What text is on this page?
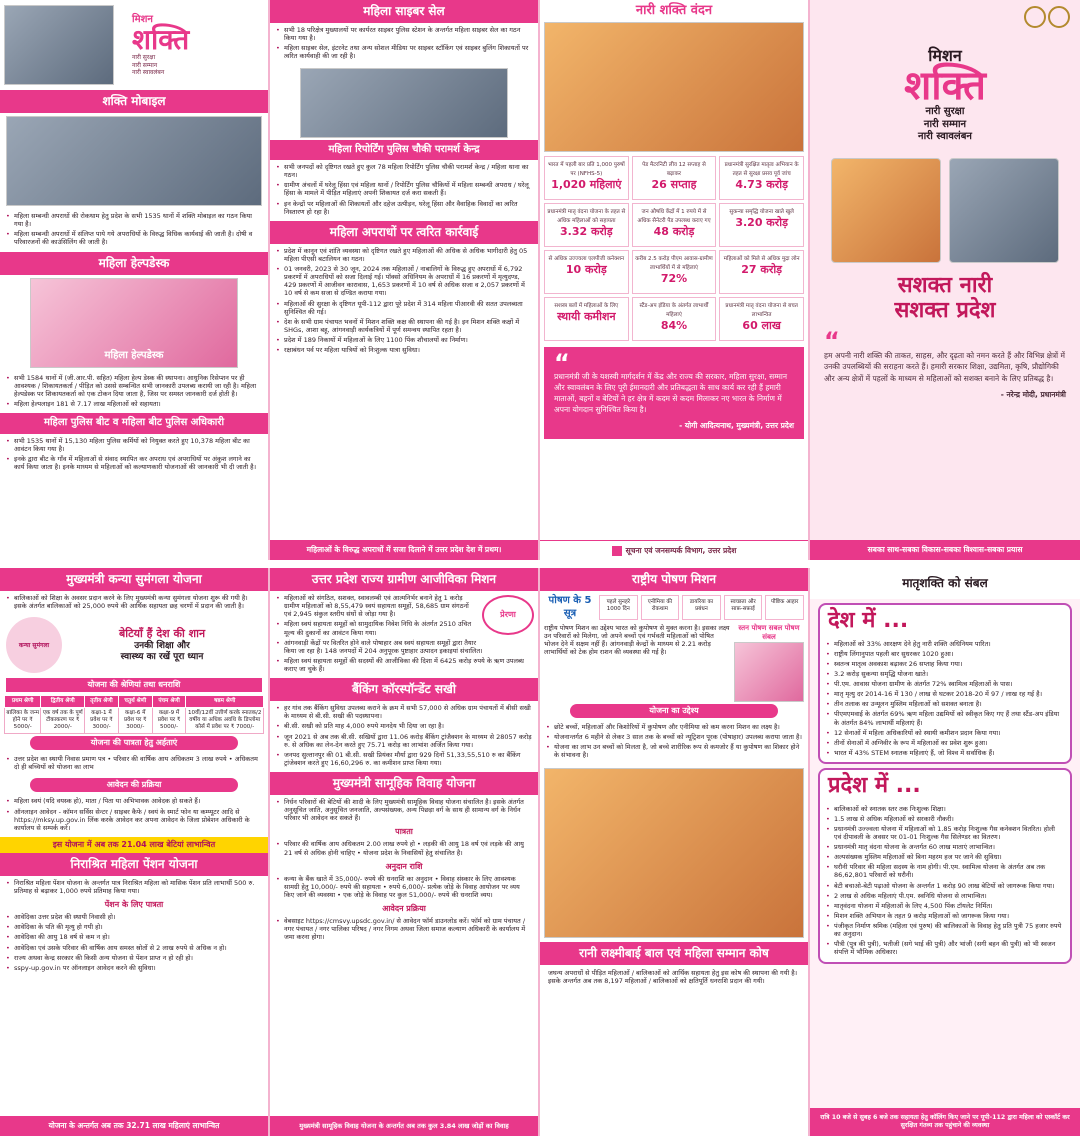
मिशन
शक्ति
नारी सुरक्षा
नारी सम्मान
नारी स्वावलंबन
शक्ति मोबाइल
• महिला सम्बन्धी अपराधों की रोकथाम हेतु प्रदेश के सभी 1535 थानों में शक्ति मोबाइल का गठन किया गया है।
• महिला सम्बन्धी अपराधों में संलिप्त पाये गये अपराधियों के विरुद्ध विधिक कार्यवाई की जाती है। दोषी व परिवारजनों की काउंसिलिंग की जाती है।
महिला हेल्पडेस्क
महिला हेल्पडेस्क
• सभी 1584 थानों में (जी.आर.पी. सहित) महिला हेल्प डेस्क की स्थापना। आधुनिक रिसेप्शन पर ही आवश्यक / शिकायतकर्ता / पीड़ित को उससे सम्बन्धित सभी जानकारी उपलब्ध करायी जा रही है। महिला हेल्पडेस्क पर शिकायतकर्ता को एक टोकन दिया जाता है, जिस पर समस्त जानकारी दर्ज होती है।
• महिला हेल्पलाइन 181 से 7.17 लाख महिलाओं को सहायता।
महिला पुलिस बीट व महिला बीट पुलिस अधिकारी
• सभी 1535 थानों में 15,130 महिला पुलिस कर्मियों को नियुक्त करते हुए 10,378 महिला बीट का आवंटन किया गया है।
• इनके द्वारा बीट के गाँव में महिलाओं से संवाद स्थापित कर अपराध एवं अपराधियों पर अंकुश लगाने का कार्य किया जाता है। इनके माध्यम से महिलाओं को कल्याणकारी योजनाओं की जानकारी भी दी जाती है।
महिला साइबर सेल
• सभी 18 परिक्षेत्र मुख्यालयों पर कार्यरत साइबर पुलिस स्टेशन के अन्तर्गत महिला साइबर सेल का गठन किया गया है।
• महिला साइबर सेल, इंटरनेट तथा अन्य सोशल मीडिया पर साइबर स्टॉकिंग एवं साइबर बुलिंग शिकायतों पर त्वरित कार्यवाही की जा रही है।
महिला रिपोर्टिंग पुलिस चौकी परामर्श केन्द्र
• सभी जनपदों को दृष्टिगत रखते हुए कुल 78 महिला रिपोर्टिंग पुलिस चौकी परामर्श केन्द्र / महिला थाना का गठन।
• ग्रामीण अंचलों में घरेलू हिंसा एवं महिला थानों / रिपोर्टिंग पुलिस चौकियों में महिला सम्बन्धी अपराध / घरेलू हिंसा के मामले में पीड़ित महिलाएं अपनी शिकायत दर्ज करा सकती हैं।
• इन केन्द्रों पर महिलाओं की शिकायतों और दहेज उत्पीड़न, घरेलू हिंसा और वैवाहिक विवादों का त्वरित निस्तारण हो रहा है।
महिला अपराधों पर त्वरित कार्रवाई
• प्रदेश में कानून एवं शांति व्यवस्था को दृष्टिगत रखते हुए महिलाओं की अधिक से अधिक भागीदारी हेतु 05 महिला पीएसी बटालियन का गठन।
• 01 जनवरी, 2023 से 30 जून, 2024 तक महिलाओं / नाबालिगों के विरुद्ध हुए अपराधों में 6,792 प्रकरणों में अपराधियों को सजा दिलाई गई। पॉक्सो अधिनियम के अपराधों में 16 प्रकरणों में मृत्युदण्ड, 429 प्रकरणों में आजीवन कारावास, 1,653 प्रकरणों में 10 वर्ष से अधिक सजा व 2,057 प्रकरणों में 10 वर्ष से कम सजा से दण्डित कराया गया।
• महिलाओं की सुरक्षा के दृष्टिगत यूपी-112 द्वारा पूरे प्रदेश में 314 महिला पीआरवी की सतत उपलब्धता सुनिश्चित की गई।
• देश के सभी ग्राम पंचायत भवनों में मिशन शक्ति कक्ष की स्थापना की गई है। इन मिशन शक्ति कक्षों में SHGs, आशा बहू, आंगनवाड़ी कार्यकत्रियों में पूर्ण समन्वय स्थापित रहता है।
• प्रदेश में 189 निकायों में महिलाओं के लिए 1100 पिंक शौचालयों का निर्माण।
• रक्षाबंधन पर्व पर महिला यात्रियों को निःशुल्क यात्रा सुविधा।
महिलाओं के विरुद्ध अपराधों में सजा दिलाने में उत्तर प्रदेश देश में प्रथम।
नारी शक्ति वंदन
भारत में पहली बार प्रति 1,000 पुरुषों पर (NFHS-5)
1,020 महिलाएं
पेड मैटरनिटी लीव 12 सप्ताह से बढ़ाकर
26 सप्ताह
प्रधानमंत्री सुरक्षित मातृत्व अभियान के तहत से सुरक्षा प्रसव पूर्व जांच
4.73 करोड़
प्रधानमंत्री मातृ वंदना योजना के तहत से अधिक महिलाओं को सहायता
3.32 करोड़
जन औषधि केंद्रों में 1 रुपये में से अधिक सैनेटरी पैड उपलब्ध कराए गए
48 करोड़
सुकन्या समृद्धि योजना खाते खुले
3.20 करोड़
से अधिक उज्ज्वला एलपीजी कनेक्शन
10 करोड़
करीब 2.5 करोड़ पीएम आवास-ग्रामीण लाभार्थियों में से महिलाएं
72%
महिलाओं को मिले से अधिक मुद्रा लोन
27 करोड़
सशस्त्र बलों में महिलाओं के लिए
स्थायी कमीशन
स्टैंड-अप इंडिया के अंतर्गत लाभार्थी महिलाएं
84%
प्रधानमंत्री मातृ वंदना योजना से बचत लाभान्वित
60 लाख
“
प्रधानमंत्री जी के यशस्वी मार्गदर्शन में केंद्र और राज्य की सरकार, महिला सुरक्षा, सम्मान और स्वावलंबन के लिए पूरी ईमानदारी और प्रतिबद्धता के साथ कार्य कर रही हैं हमारी माताओं, बहनों व बेटियों ने हर क्षेत्र में कदम से कदम मिलाकर नए भारत के निर्माण में अपना योगदान सुनिश्चित किया है।
- योगी आदित्यनाथ, मुख्यमंत्री, उत्तर प्रदेश
सूचना एवं जनसम्पर्क विभाग, उत्तर प्रदेश

मिशन
शक्ति
नारी सुरक्षा
नारी सम्मान
नारी स्वावलंबन
सशक्त नारी
सशक्त प्रदेश
“
हम अपनी नारी शक्ति की ताकत, साहस, और दृढ़ता को नमन करते हैं और विभिन्न क्षेत्रों में उनकी उपलब्धियों की सराहना करते हैं। हमारी सरकार शिक्षा, उद्यमिता, कृषि, प्रौद्योगिकी और अन्य क्षेत्रों में पहलों के माध्यम से महिलाओं को सशक्त बनाने के लिए प्रतिबद्ध है।
- नरेन्द्र मोदी, प्रधानमंत्री
सबका साथ-सबका विकास-सबका विश्वास-सबका प्रयास
मुख्यमंत्री कन्या सुमंगला योजना
• बालिकाओं को शिक्षा के अवसर प्रदान करने के लिए मुख्यमंत्री कन्या सुमंगला योजना शुरू की गयी है। इसके अंतर्गत बालिकाओं को 25,000 रुपये की आर्थिक सहायता छह चरणों में प्रदान की जाती है।
कन्या सुमंगला
बेटियाँ हैं देश की शान
उनकी शिक्षा और
स्वास्थ्य का रखें पूरा ध्यान
योजना की श्रेणियां तथा धनराशि
प्रथम श्रेणी	द्वितीय श्रेणी	तृतीय श्रेणी	चतुर्थ श्रेणी	पंचम श्रेणी	षष्ठम श्रेणी
बालिका के जन्म होने पर ₹ 5000/-	एक वर्ष तक के पूर्ण टीकाकरण पर ₹ 2000/-	कक्षा-1 में प्रवेश पर ₹ 3000/-	कक्षा-6 में प्रवेश पर ₹ 3000/-	कक्षा-9 में प्रवेश पर ₹ 5000/-	10वीं/12वीं उत्तीर्ण करके स्नातक/2 वर्षीय या अधिक अवधि के डिप्लोमा कोर्स में प्रवेश पर ₹ 7000/-
योजना की पात्रता हेतु अर्हताएं
• उत्तर प्रदेश का स्थायी निवास प्रमाण पत्र • परिवार की वार्षिक आय अधिकतम 3 लाख रुपये • अधिकतम दो ही बच्चियों को योजना का लाभ
आवेदन की प्रक्रिया
• महिला स्वयं (यदि वयस्क हो), माता / पिता या अभिभावक आवेदक हो सकते हैं।
• ऑनलाइन आवेदन - कॉमन सर्विस सेन्टर / साइबर कैफे / स्वयं के स्मार्ट फोन या कम्प्यूटर आदि से https://mksy.up.gov.in लिंक करके आवेदन कर अपना आवेदन के जिला प्रोबेशन अधिकारी के कार्यालय से सम्पर्क करें।
इस योजना में अब तक 21.04 लाख बेटियां लाभान्वित
निराश्रित महिला पेंशन योजना
• निराश्रित महिला पेंशन योजना के अन्तर्गत पात्र निराश्रित महिला को मासिक पेंशन प्रति लाभार्थी 500 रु. प्रतिमाह से बढ़ाकर 1,000 रुपये प्रतिमाह किया गया।
पेंशन के लिए पात्रता
• आवेदिका उत्तर प्रदेश की स्थायी निवासी हो।
• आवेदिका के पति की मृत्यु हो गयी हो।
• आवेदिका की आयु 18 वर्ष से कम न हो।
• आवेदिका एवं उसके परिवार की वार्षिक आय समस्त स्रोतों से 2 लाख रुपये से अधिक न हो।
• राज्य अथवा केन्द्र सरकार की किसी अन्य योजना से पेंशन प्राप्त न हो रही हो।
• sspy-up.gov.in पर ऑनलाइन आवेदन करने की सुविधा।
योजना के अन्तर्गत अब तक 32.71 लाख महिलाएं लाभान्वित
उत्तर प्रदेश राज्य ग्रामीण आजीविका मिशन
प्रेरणा
• महिलाओं को संगठित, सशक्त, स्वावलम्बी एवं आत्मनिर्भर बनाने हेतु 1 करोड़ ग्रामीण महिलाओं को 8,55,479 स्वयं सहायता समूहों, 58,685 ग्राम संगठनों एवं 2,945 संकुल स्तरीय संघों से जोड़ा गया है।
• महिला स्वयं सहायता समूहों को सामुदायिक निवेश निधि के अंतर्गत 2510 उचित मूल्य की दुकानों का आवंटन किया गया।
• आंगनवाड़ी केंद्रों पर वितरित होने वाले पोषाहार अब स्वयं सहायता समूहों द्वारा तैयार किया जा रहा है। 148 जनपदों में 204 अनुपूरक पुष्टाहार उत्पादन इकाइयां संचालित।
• महिला स्वयं सहायता समूहों की सदस्यों की आजीविका की दिशा में 6425 करोड़ रुपये के ऋण उपलब्ध कराए जा चुके हैं।
बैंकिंग कॉरस्पॉन्डेंट सखी
• हर गांव तक बैंकिंग सुविधा उपलब्ध कराने के क्रम में सभी 57,000 से अधिक ग्राम पंचायतों में बीसी सखी के माध्यम से बी.सी. सखी की पदस्थापना।
• बी.सी. सखी को प्रति माह 4,000 रुपये मानदेय भी दिया जा रहा है।
• जून 2021 से अब तक बी.सी. सखियों द्वारा 11.06 करोड़ बैंकिंग ट्रांजैक्शन के माध्यम से 28057 करोड़ रु. से अधिक का लेन-देन करते हुए 75.71 करोड़ का लाभांश अर्जित किया गया।
• जनपद सुल्तानपुर की 01 बी.सी. सखी प्रियंका मौर्या द्वारा 929 दिनों 51,33,55,510 रु का बैंकिंग ट्रांजेक्शन करते हुए 16,60,296 रु. का कमीशन प्राप्त किया गया।
मुख्यमंत्री सामूहिक विवाह योजना
• निर्धन परिवारों की बेटियों की शादी के लिए मुख्यमंत्री सामूहिक विवाह योजना संचालित है। इसके अंतर्गत अनुसूचित जाति, अनुसूचित जनजाति, अल्पसंख्यक, अन्य पिछड़ा वर्ग के साथ ही सामान्य वर्ग के निर्धन परिवार भी आवेदन कर सकते हैं।
पात्रता
• परिवार की वार्षिक आय अधिकतम 2.00 लाख रुपये हो • लड़की की आयु 18 वर्ष एवं लड़के की आयु 21 वर्ष से अधिक होनी चाहिए • योजना प्रदेश के निवासियों हेतु संचालित है।
अनुदान राशि
• कन्या के बैंक खाते में 35,000/- रुपये की धनराशि का अनुदान • विवाह संस्कार के लिए आवश्यक सामग्री हेतु 10,000/- रुपये की सहायता • रुपये 6,000/- प्रत्येक जोड़े के विवाह आयोजन पर व्यय किए जाने की व्यवस्था • एक जोड़े के विवाह पर कुल 51,000/- रुपये की धनराशि व्यय।
आवेदन प्रक्रिया
• वेबसाइट https://cmsvy.upsdc.gov.in/ से आवेदन फॉर्म डाउनलोड करें। फॉर्म को ग्राम पंचायत / नगर पंचायत / नगर पालिका परिषद / नगर निगम अथवा जिला समाज कल्याण अधिकारी के कार्यालय में जमा करना होगा।
मुख्यमंत्री सामूहिक विवाह योजना के अन्तर्गत अब तक कुल 3.84 लाख जोड़ों का विवाह
राष्ट्रीय पोषण मिशन
पोषण के 5 सूत्र
पहले सुनहरे 1000 दिन
एनीमिया की रोकथाम
डायरिया का प्रबंधन
स्वच्छता और साफ़-सफ़ाई
पौष्टिक आहार
राष्ट्रीय पोषण मिशन का उद्देश्य भारत को कुपोषण से मुक्त करना है। इसका लक्ष्य उन परिवारों को मिलेगा, जो अपने बच्चों एवं गर्भवती महिलाओं को पोषित भोजन देने में सक्षम नहीं हैं। आंगनवाड़ी केन्द्रों के माध्यम से 2.21 करोड़ लाभार्थियों को टेक होम राशन की व्यवस्था की गई है।
स्तन पोषण सबल पोषण संबल
योजना का उद्देश्य
• छोटे बच्चों, महिलाओं और किशोरियों में कुपोषण और एनीमिया को कम करना मिशन का लक्ष्य है।
• योजनान्तर्गत 6 महीने से लेकर 3 साल तक के बच्चों को न्यूट्रिशन पूरक (पोषाहार) उपलब्ध कराया जाता है।
• योजना का लाभ उन बच्चों को मिलता है, जो बच्चे शारीरिक रूप से कमजोर हैं या कुपोषण का शिकार होने के संभावना है।
रानी लक्ष्मीबाई बाल एवं महिला सम्मान कोष
जघन्य अपराधों से पीड़ित महिलाओं / बालिकाओं को आर्थिक सहायता हेतु इस कोष की स्थापना की गयी है। इसके अन्तर्गत अब तक 8,197 महिलाओं / बालिकाओं को क्षतिपूर्ति धनराशि प्रदान की गयी।
मातृशक्ति को संबल
देश में ...
• महिलाओं को 33% आरक्षण देने हेतु नारी शक्ति अधिनियम पारित।
• राष्ट्रीय लिंगानुपात पहली बार सुधरकर 1020 हुआ।
• स्वतन्त्र मातृत्व अवकाश बढ़ाकर 26 सप्ताह किया गया।
• 3.2 करोड़ सुकन्या समृद्धि योजना खाते।
• पी.एम. आवास योजना ग्रामीण के अंतर्गत 72% स्वामित्व महिलाओं के पास।
• मातृ मृत्यु दर 2014-16 में 130 / लाख से घटकर 2018-20 में 97 / लाख रह गई है।
• तीन तलाक का उन्मूलन मुस्लिम महिलाओं को सशक्त बनाता है।
• पीएमएमवाई के अंतर्गत 69% ऋण महिला उद्यमियों को स्वीकृत किए गए हैं तथा स्टैंड-अप इंडिया के अंतर्गत 84% लाभार्थी महिलाएं हैं।
• 12 सेनाओं में महिला अधिकारियों को स्थायी कमीशन प्रदान किया गया।
• तीनों सेनाओं में अग्निवीर के रूप में महिलाओं का प्रवेश शुरू हुआ।
• भारत में 43% STEM स्नातक महिलाएं हैं, जो विश्व में सर्वाधिक हैं।
प्रदेश में ...
• बालिकाओं को स्नातक स्तर तक निःशुल्क शिक्षा।
• 1.5 लाख से अधिक महिलाओं को सरकारी नौकरी।
• प्रधानमंत्री उज्ज्वला योजना में महिलाओं को 1.85 करोड़ निःशुल्क गैस कनेक्शन वितरित। होली एवं दीपावली के अवसर पर 01-01 निःशुल्क गैस सिलेण्डर का वितरण।
• प्रधानमंत्री मातृ वंदना योजना के अन्तर्गत 60 लाख माताएं लाभान्वित।
• अल्पसंख्यक मुस्लिम महिलाओं को बिना महरम हज पर जाने की सुविधा।
• घरौनी परिवार की महिला सदस्य के नाम होगी। पी.एम. स्वामित्व योजना के अंतर्गत अब तक 86,62,801 परिवारों को घरौनी।
• बेटी बचाओ-बेटी पढ़ाओ योजना के अन्तर्गत 1 करोड़ 90 लाख बेटियों को जागरूक किया गया।
• 2 लाख से अधिक महिलाएं पी.एम. स्वनिधि योजना से लाभान्वित।
• मातृवंदना योजना में महिलाओं के लिए 4,500 पिंक टॉयलेट निर्मित।
• मिशन शक्ति अभियान के तहत 9 करोड़ महिलाओं को जागरूक किया गया।
• पंजीकृत निर्माण श्रमिक (महिला एवं पुरुष) की बालिकाओं के विवाह हेतु प्रति पुत्री 75 हजार रुपये का अनुदान।
• पौत्री (पुत्र की पुत्री), भतीजी (सगे भाई की पुत्री) और भांजी (सगी बहन की पुत्री) को भी स्वजन संपत्ति में भौमिक अधिकार।
रात्रि 10 बजे से सुबह 6 बजे तक सहायता हेतु कॉलिंग किए जाने पर यूपी-112 द्वारा महिला को एस्कॉर्ट कर सुरक्षित गंतव्य तक पहुंचाने की व्यवस्था
